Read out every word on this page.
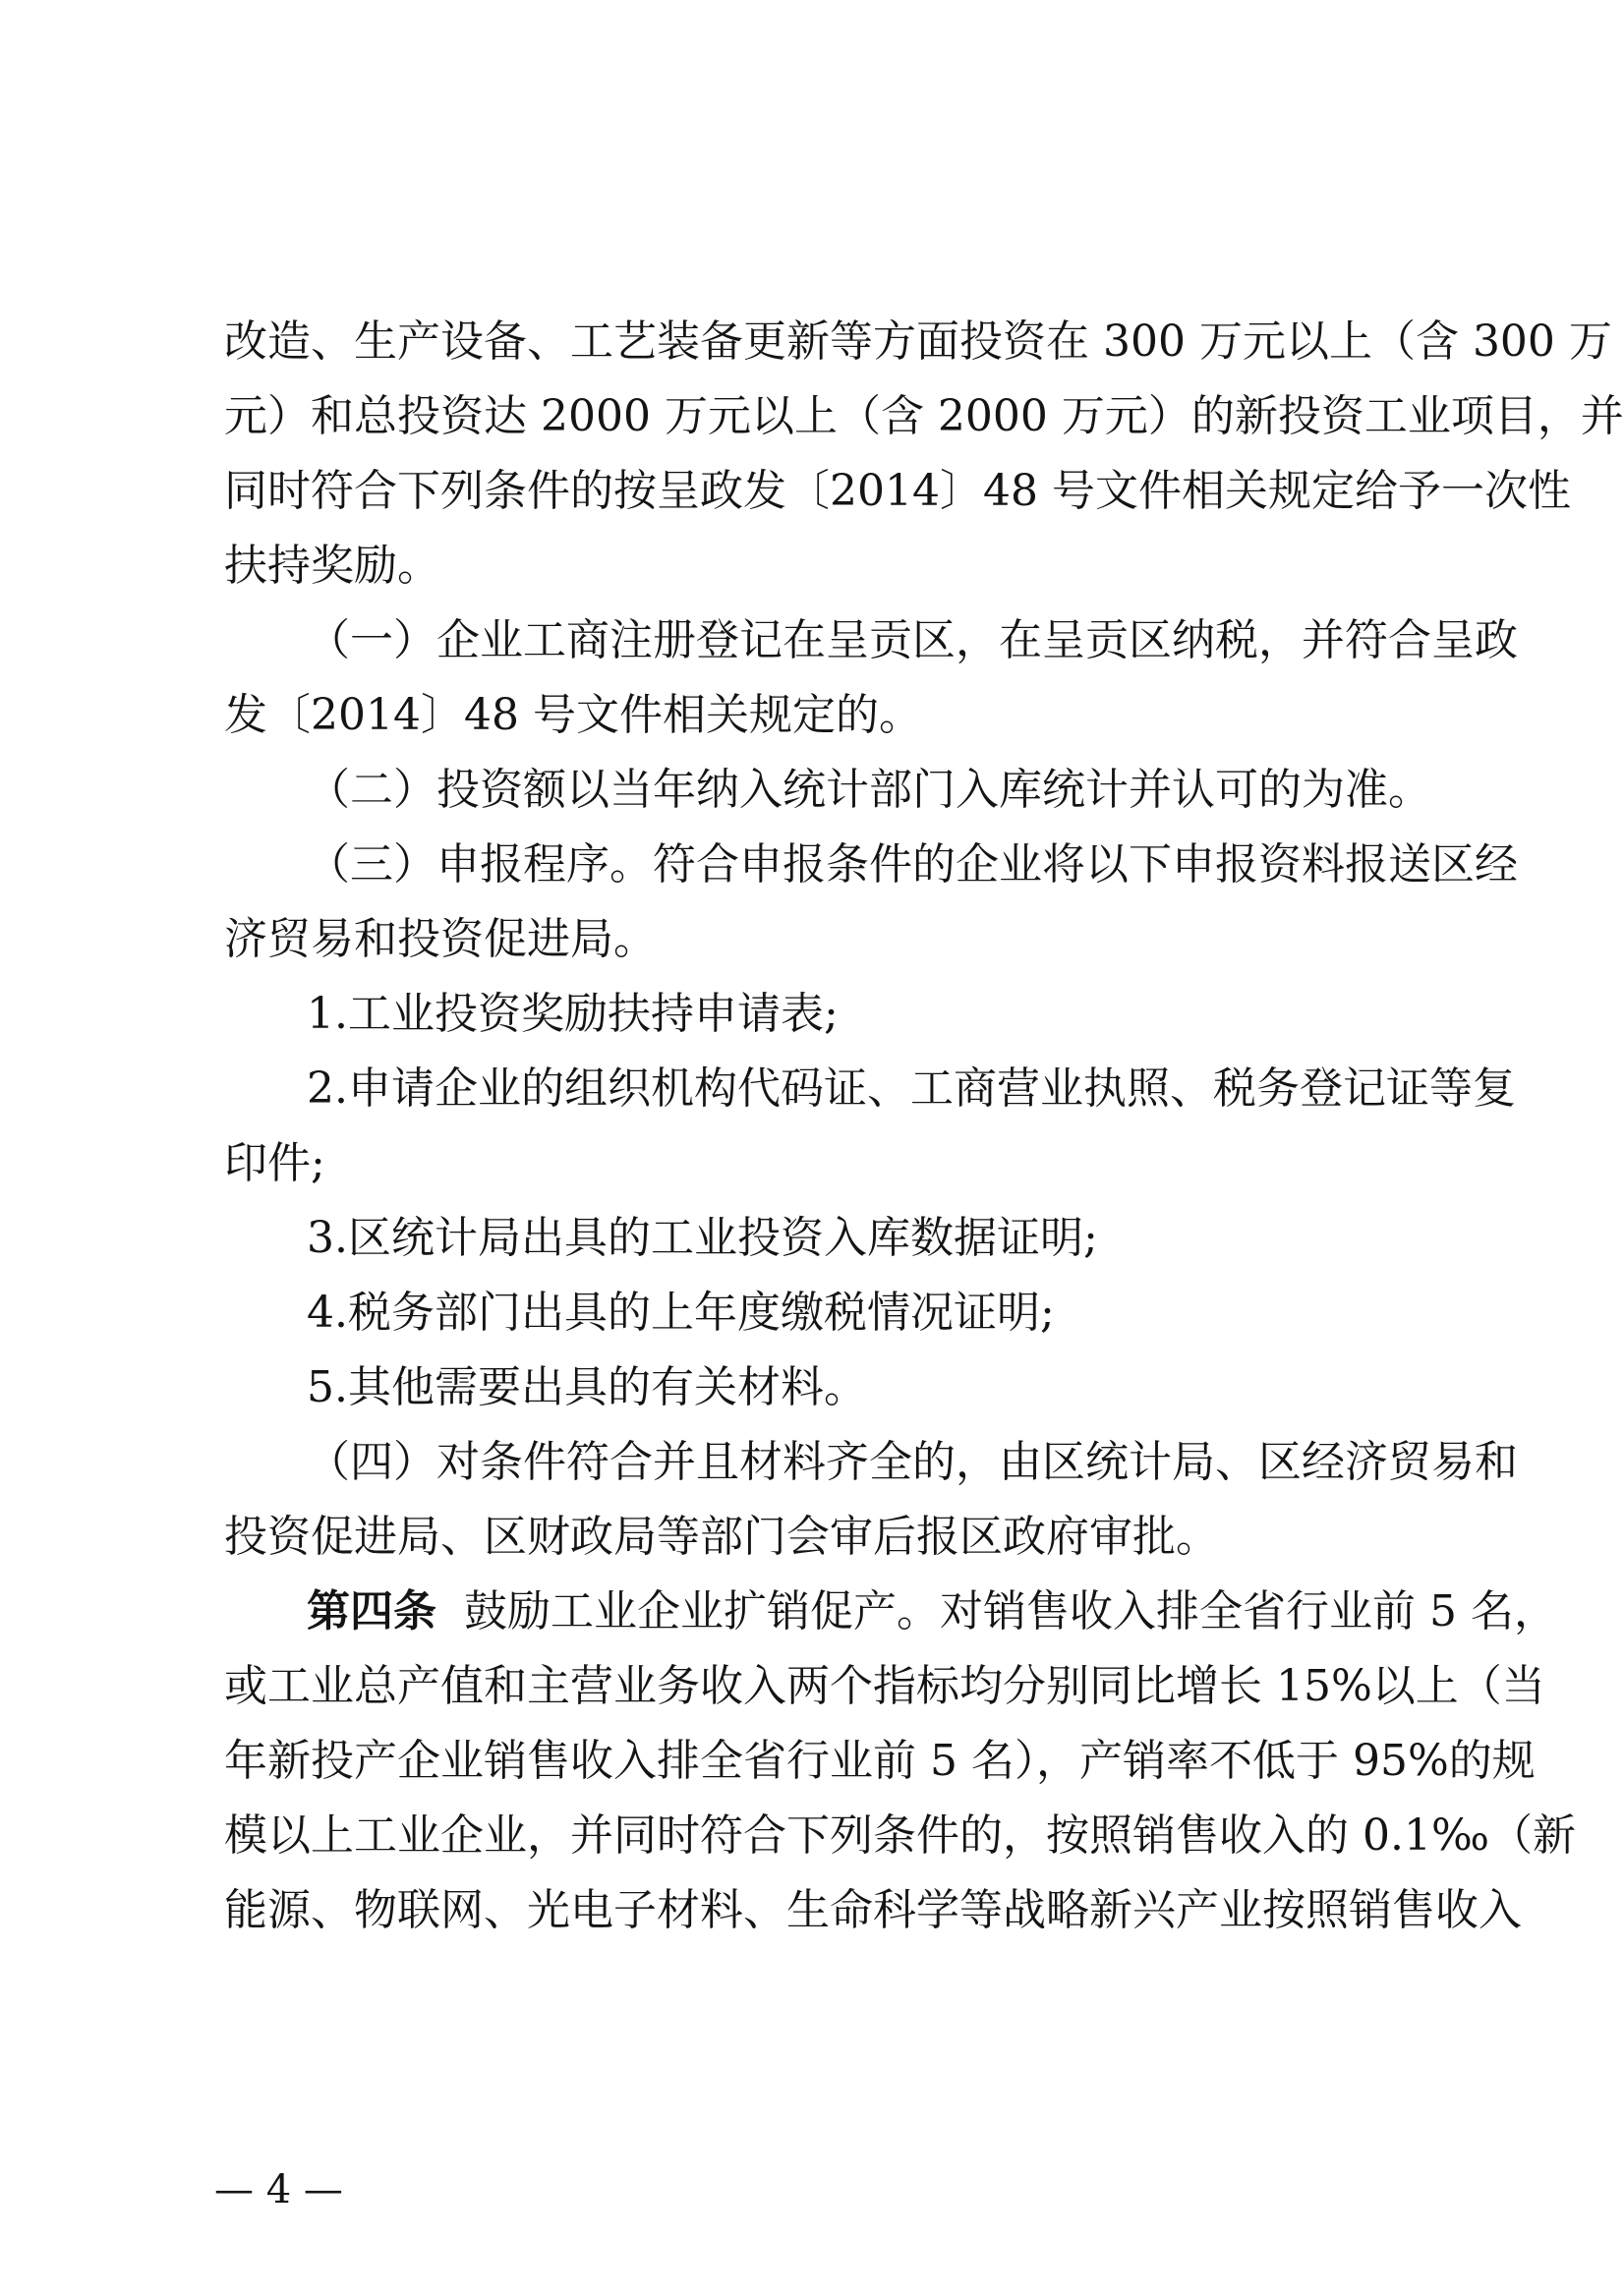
改造、生产设备、工艺装备更新等方面投资在 300 万元以上（含 300 万
元）和总投资达 2000 万元以上（含 2000 万元）的新投资工业项目，并
同时符合下列条件的按呈政发〔2014〕48 号文件相关规定给予一次性
扶持奖励。
（一）企业工商注册登记在呈贡区，在呈贡区纳税，并符合呈政
发〔2014〕48 号文件相关规定的。
（二）投资额以当年纳入统计部门入库统计并认可的为准。
（三）申报程序。符合申报条件的企业将以下申报资料报送区经
济贸易和投资促进局。
1.工业投资奖励扶持申请表;
2.申请企业的组织机构代码证、工商营业执照、税务登记证等复
印件;
3.区统计局出具的工业投资入库数据证明;
4.税务部门出具的上年度缴税情况证明;
5.其他需要出具的有关材料。
（四）对条件符合并且材料齐全的，由区统计局、区经济贸易和
投资促进局、区财政局等部门会审后报区政府审批。
第四条 鼓励工业企业扩销促产。对销售收入排全省行业前 5 名，
或工业总产值和主营业务收入两个指标均分别同比增长 15%以上（当
年新投产企业销售收入排全省行业前 5 名），产销率不低于 95%的规
模以上工业企业，并同时符合下列条件的，按照销售收入的 0.1‰（新
能源、物联网、光电子材料、生命科学等战略新兴产业按照销售收入
— 4 —
